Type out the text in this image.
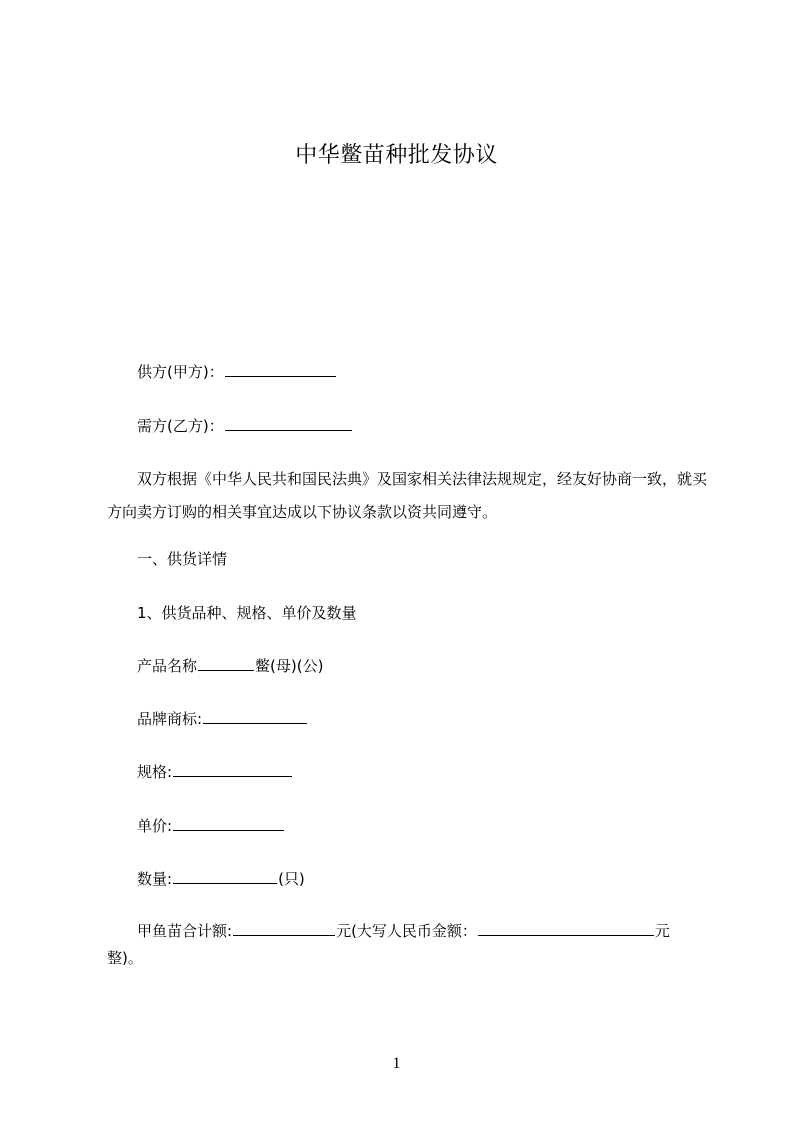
中华鳖苗种批发协议
供方(甲方)：
需方(乙方)：
双方根据《中华人民共和国民法典》及国家相关法律法规规定，经友好协商一致，就买方向卖方订购的相关事宜达成以下协议条款以资共同遵守。
一、供货详情
1、供货品种、规格、单价及数量
产品名称	鳖(母)(公)
品牌商标:
规格:
单价:
数量:	(只)
甲鱼苗合计额:	元(大写人民币金额：	元
整)。
1
